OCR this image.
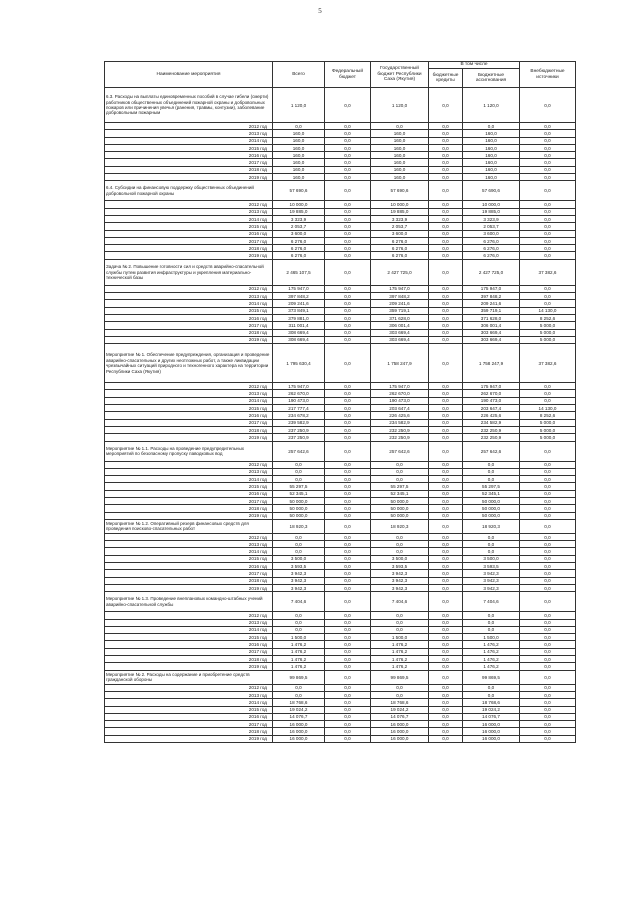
5
Наименование мероприятия	Всего	Федеральный бюджет	Государственный бюджет Республики Саха (Якутия)	В том числе		Внебюджетные источники
				бюджетные кредиты	Бюджетные ассигнования	
6.3. Расходы на выплаты единовременных пособий в случае гибели (смерти) работников общественных объединений пожарной охраны и добровольных пожаров или причинения увечья (ранения, травмы, контузии), заболевание добровольным пожарным	1 120,0	0,0	1 120,0	0,0	1 120,0	0,0
2012 год	0,0	0,0	0,0	0,0	0,0	0,0
2013 год	160,0	0,0	160,0	0,0	160,0	0,0
2014 год	160,0	0,0	160,0	0,0	160,0	0,0
2015 год	160,0	0,0	160,0	0,0	160,0	0,0
2016 год	160,0	0,0	160,0	0,0	160,0	0,0
2017 год	160,0	0,0	160,0	0,0	160,0	0,0
2018 год	160,0	0,0	160,0	0,0	160,0	0,0
2019 год	160,0	0,0	160,0	0,0	160,0	0,0
6.4. Субсидии на финансовую поддержку общественных объединений добровольной пожарной охраны	57 690,6	0,0	57 690,6	0,0	57 690,6	0,0
2012 год	10 000,0	0,0	10 000,0	0,0	10 000,0	0,0
2013 год	19 885,0	0,0	19 885,0	0,0	19 885,0	0,0
2014 год	3 323,9	0,0	3 323,9	0,0	3 323,9	0,0
2015 год	2 053,7	0,0	2 053,7	0,0	2 053,7	0,0
2016 год	3 600,0	0,0	3 600,0	0,0	3 600,0	0,0
2017 год	6 276,0	0,0	6 276,0	0,0	6 276,0	0,0
2018 год	6 276,0	0,0	6 276,0	0,0	6 276,0	0,0
2019 год	6 276,0	0,0	6 276,0	0,0	6 276,0	0,0
Задача № 2. Повышение готовности сил и средств аварийно-спасательной службы путем развития инфраструктуры и укрепления материально-технической базы	2 465 107,5	0,0	2 427 725,0	0,0	2 427 725,0	37 382,6
2012 год	175 947,0	0,0	175 947,0	0,0	175 947,0	0,0
2013 год	397 848,2	0,0	397 848,2	0,0	397 848,2	0,0
2014 год	209 241,6	0,0	209 241,6	0,0	209 241,6	0,0
2015 год	373 849,1	0,0	359 719,1	0,0	359 719,1	14 130,0
2016 год	379 881,0	0,0	371 628,0	0,0	371 628,0	8 252,6
2017 год	311 001,4	0,0	306 001,4	0,0	306 001,4	5 000,0
2018 год	308 669,4	0,0	303 669,4	0,0	303 669,4	5 000,0
2019 год	308 669,4	0,0	303 669,4	0,0	303 669,4	5 000,0
Мероприятие № 1. Обеспечение предупреждения, организация и проведение аварийно-спасательных и других неотложных работ, а также ликвидации чрезвычайных ситуаций природного и техногенного характера на территории Республики Саха (Якутия)	1 795 630,4	0,0	1 758 247,9	0,0	1 758 247,9	37 382,6
2012 год	175 947,0	0,0	175 947,0	0,0	175 947,0	0,0
2013 год	262 670,0	0,0	262 670,0	0,0	262 670,0	0,0
2014 год	190 473,0	0,0	190 473,0	0,0	190 473,0	0,0
2015 год	217 777,4	0,0	203 647,4	0,0	203 647,4	14 130,0
2016 год	234 678,2	0,0	226 425,6	0,0	226 425,6	8 252,6
2017 год	239 582,9	0,0	234 582,9	0,0	234 582,9	5 000,0
2018 год	237 250,9	0,0	232 250,9	0,0	232 250,9	5 000,0
2019 год	237 250,9	0,0	232 250,9	0,0	232 250,9	5 000,0
Мероприятие № 1.1. Расходы на проведение предупредительных мероприятий по безопасному пропуску паводковых вод	257 642,6	0,0	257 642,6	0,0	257 642,6	0,0
2012 год	0,0	0,0	0,0	0,0	0,0	0,0
2013 год	0,0	0,0	0,0	0,0	0,0	0,0
2014 год	0,0	0,0	0,0	0,0	0,0	0,0
2015 год	55 297,5	0,0	55 297,5	0,0	55 297,5	0,0
2016 год	52 345,1	0,0	52 345,1	0,0	52 345,1	0,0
2017 год	50 000,0	0,0	50 000,0	0,0	50 000,0	0,0
2018 год	50 000,0	0,0	50 000,0	0,0	50 000,0	0,0
2019 год	50 000,0	0,0	50 000,0	0,0	50 000,0	0,0
Мероприятие № 1.2. Оперативный резерв финансовых средств для проведения поисково-спасательных работ	18 920,3	0,0	18 920,3	0,0	18 920,3	0,0
2012 год	0,0	0,0	0,0	0,0	0,0	0,0
2013 год	0,0	0,0	0,0	0,0	0,0	0,0
2014 год	0,0	0,0	0,0	0,0	0,0	0,0
2015 год	3 500,0	0,0	3 500,0	0,0	3 500,0	0,0
2016 год	3 593,5	0,0	3 593,5	0,0	3 593,5	0,0
2017 год	3 942,3	0,0	3 942,3	0,0	3 942,3	0,0
2018 год	3 942,3	0,0	3 942,3	0,0	3 942,3	0,0
2019 год	3 942,3	0,0	3 942,3	0,0	3 942,3	0,0
Мероприятие № 1.3. Проведение внеплановых командно-штабных учений аварийно-спасательной службы	7 404,6	0,0	7 404,6	0,0	7 404,6	0,0
2012 год	0,0	0,0	0,0	0,0	0,0	0,0
2013 год	0,0	0,0	0,0	0,0	0,0	0,0
2014 год	0,0	0,0	0,0	0,0	0,0	0,0
2015 год	1 500,0	0,0	1 500,0	0,0	1 500,0	0,0
2016 год	1 476,2	0,0	1 476,2	0,0	1 476,2	0,0
2017 год	1 476,2	0,0	1 476,2	0,0	1 476,2	0,0
2018 год	1 476,2	0,0	1 476,2	0,0	1 476,2	0,0
2019 год	1 476,2	0,0	1 476,2	0,0	1 476,2	0,0
Мероприятие № 2. Расходы на содержание и приобретение средств гражданской обороны	99 869,5	0,0	99 869,5	0,0	99 869,5	0,0
2012 год	0,0	0,0	0,0	0,0	0,0	0,0
2013 год	0,0	0,0	0,0	0,0	0,0	0,0
2014 год	18 768,6	0,0	18 768,6	0,0	18 768,6	0,0
2015 год	19 024,2	0,0	19 024,2	0,0	19 024,2	0,0
2016 год	14 076,7	0,0	14 076,7	0,0	14 076,7	0,0
2017 год	16 000,0	0,0	16 000,0	0,0	16 000,0	0,0
2018 год	16 000,0	0,0	16 000,0	0,0	16 000,0	0,0
2019 год	16 000,0	0,0	16 000,0	0,0	16 000,0	0,0
